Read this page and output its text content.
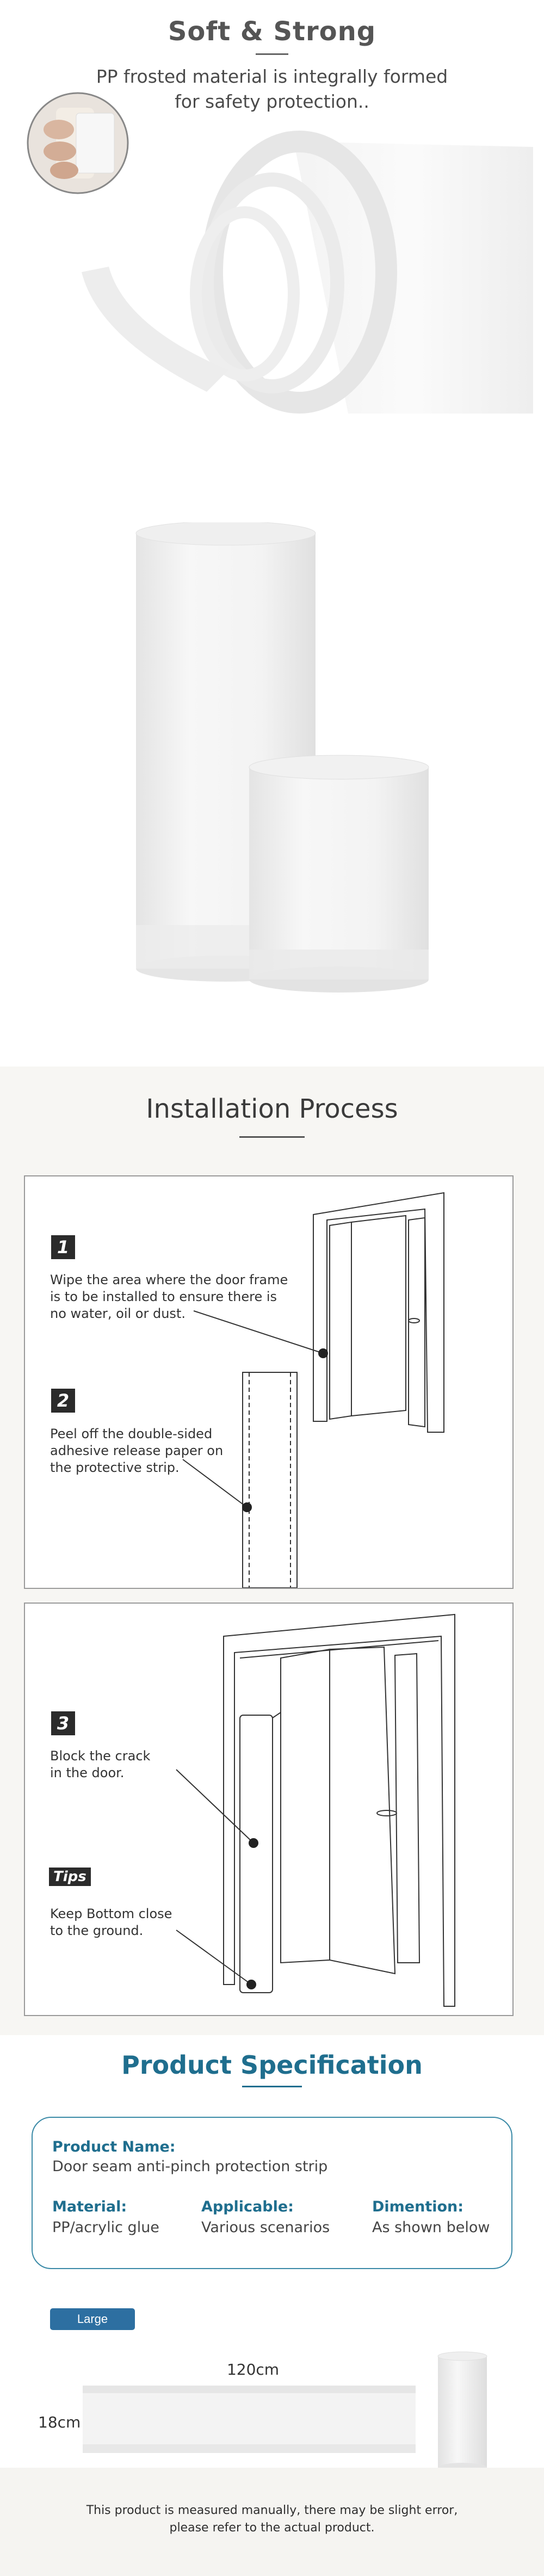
Soft & Strong
PP frosted material is integrally formed
for safety protection..
Installation Process
1
Wipe the area where the door frame
is to be installed to ensure there is
no water, oil or dust.
2
Peel off the double-sided
adhesive release paper on
the protective strip.
3
Block the crack
in the door.
Tips
Keep Bottom close
to the ground.
Product Specification
Product Name:
Door seam anti-pinch protection strip
Material:
PP/acrylic glue
Applicable:
Various scenarios
Dimention:
As shown below
Large
120cm
18cm
This product is measured manually, there may be slight error,
please refer to the actual product.
